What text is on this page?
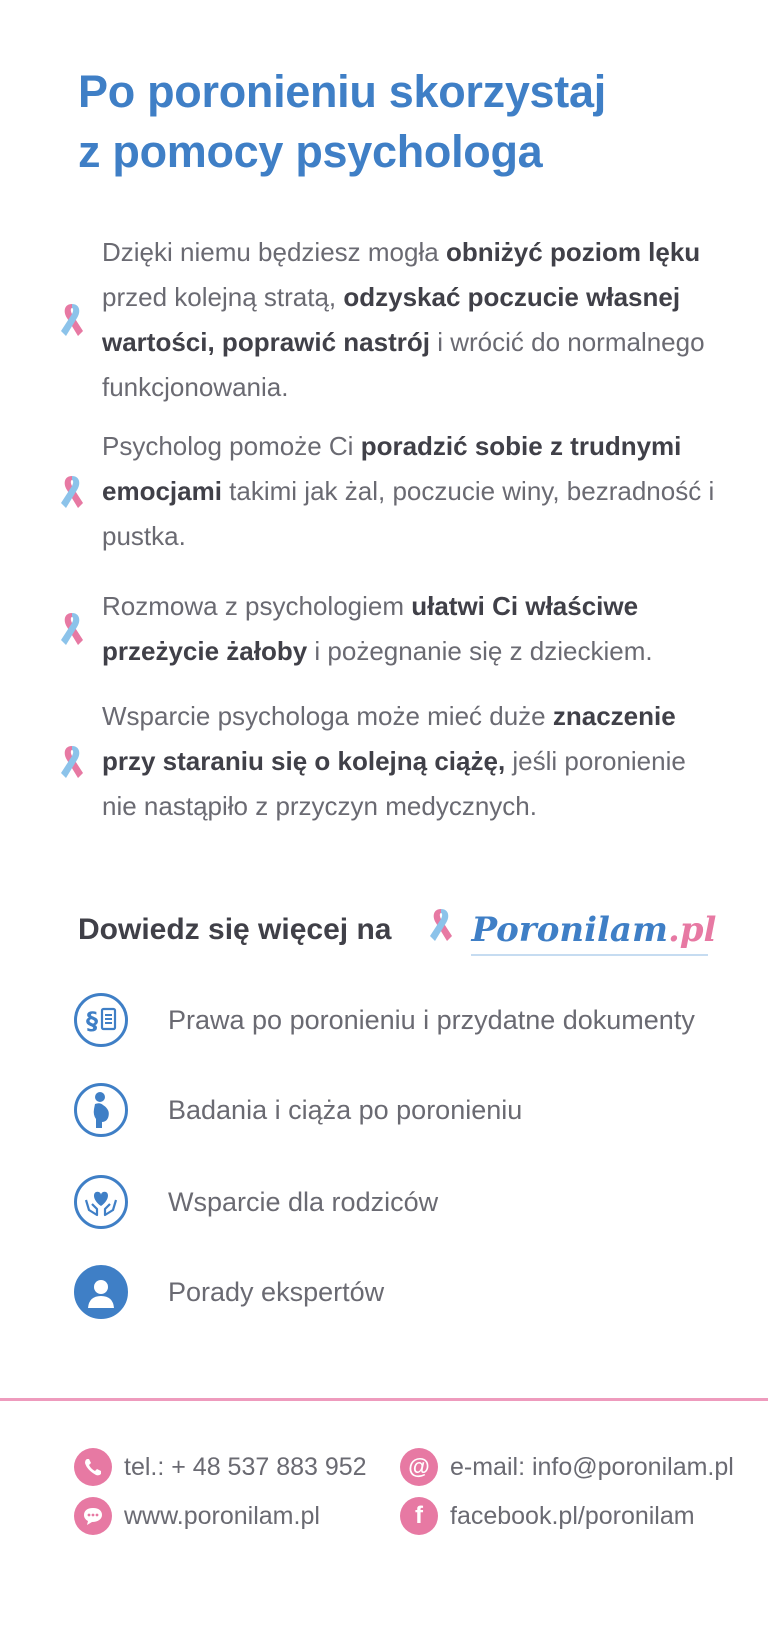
Po poronieniu skorzystaj
z pomocy psychologa
Dzięki niemu będziesz mogła obniżyć poziom lęku przed kolejną stratą, odzyskać poczucie własnej wartości, poprawić nastrój i wrócić do normalnego funkcjonowania.
Psycholog pomoże Ci poradzić sobie z trudnymi emocjami takimi jak żal, poczucie winy, bezradność i pustka.
Rozmowa z psychologiem ułatwi Ci właściwe przeżycie żałoby i pożegnanie się z dzieckiem.
Wsparcie psychologa może mieć duże znaczenie przy staraniu się o kolejną ciążę, jeśli poronienie nie nastąpiło z przyczyn medycznych.
Dowiedz się więcej na Poronilam.pl
§	Prawa po poronieniu i przydatne dokumenty
Badania i ciąża po poronieniu
Wsparcie dla rodziców
Porady ekspertów
tel.: + 48 537 883 952	@ e-mail: info@poronilam.pl
www.poronilam.pl	f	facebook.pl/poronilam
